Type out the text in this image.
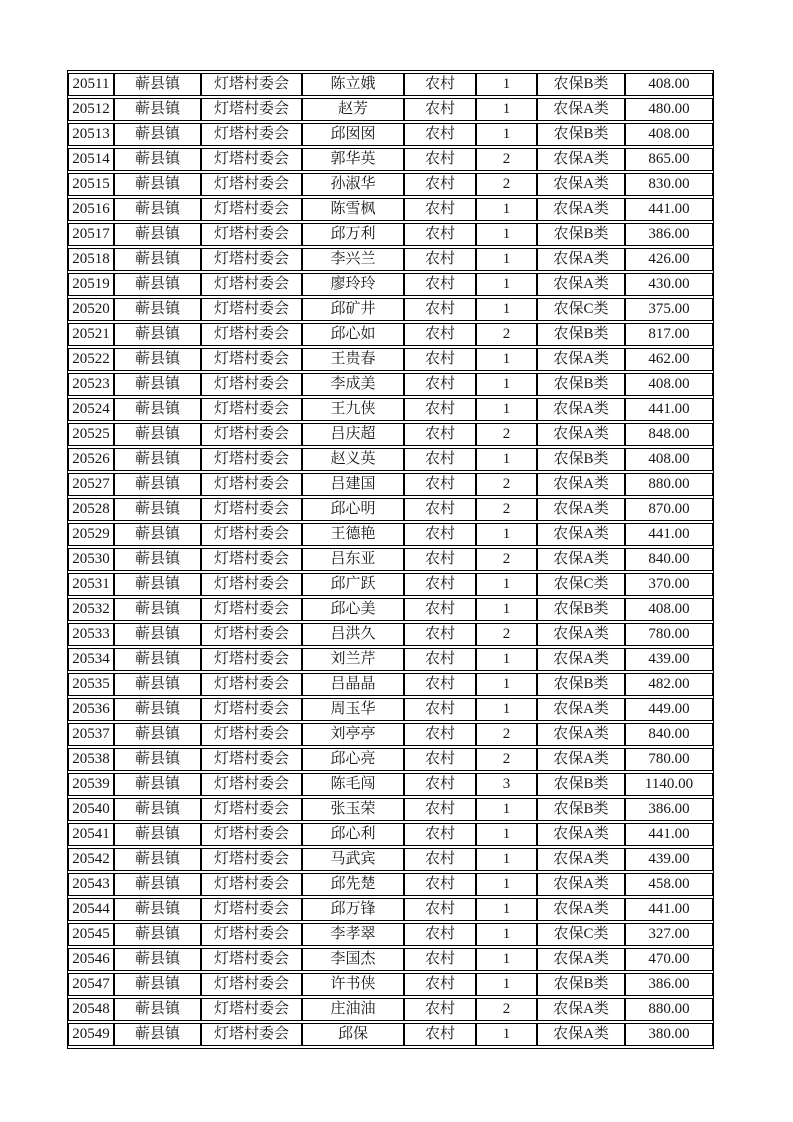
20511	蕲县镇	灯塔村委会	陈立娥	农村	1	农保B类	408.00
20512	蕲县镇	灯塔村委会	赵芳	农村	1	农保A类	480.00
20513	蕲县镇	灯塔村委会	邱囡囡	农村	1	农保B类	408.00
20514	蕲县镇	灯塔村委会	郭华英	农村	2	农保A类	865.00
20515	蕲县镇	灯塔村委会	孙淑华	农村	2	农保A类	830.00
20516	蕲县镇	灯塔村委会	陈雪枫	农村	1	农保A类	441.00
20517	蕲县镇	灯塔村委会	邱万利	农村	1	农保B类	386.00
20518	蕲县镇	灯塔村委会	李兴兰	农村	1	农保A类	426.00
20519	蕲县镇	灯塔村委会	廖玲玲	农村	1	农保A类	430.00
20520	蕲县镇	灯塔村委会	邱矿井	农村	1	农保C类	375.00
20521	蕲县镇	灯塔村委会	邱心如	农村	2	农保B类	817.00
20522	蕲县镇	灯塔村委会	王贵春	农村	1	农保A类	462.00
20523	蕲县镇	灯塔村委会	李成美	农村	1	农保B类	408.00
20524	蕲县镇	灯塔村委会	王九侠	农村	1	农保A类	441.00
20525	蕲县镇	灯塔村委会	吕庆超	农村	2	农保A类	848.00
20526	蕲县镇	灯塔村委会	赵义英	农村	1	农保B类	408.00
20527	蕲县镇	灯塔村委会	吕建国	农村	2	农保A类	880.00
20528	蕲县镇	灯塔村委会	邱心明	农村	2	农保A类	870.00
20529	蕲县镇	灯塔村委会	王德艳	农村	1	农保A类	441.00
20530	蕲县镇	灯塔村委会	吕东亚	农村	2	农保A类	840.00
20531	蕲县镇	灯塔村委会	邱广跃	农村	1	农保C类	370.00
20532	蕲县镇	灯塔村委会	邱心美	农村	1	农保B类	408.00
20533	蕲县镇	灯塔村委会	吕洪久	农村	2	农保A类	780.00
20534	蕲县镇	灯塔村委会	刘兰芹	农村	1	农保A类	439.00
20535	蕲县镇	灯塔村委会	吕晶晶	农村	1	农保B类	482.00
20536	蕲县镇	灯塔村委会	周玉华	农村	1	农保A类	449.00
20537	蕲县镇	灯塔村委会	刘亭亭	农村	2	农保A类	840.00
20538	蕲县镇	灯塔村委会	邱心亮	农村	2	农保A类	780.00
20539	蕲县镇	灯塔村委会	陈毛闯	农村	3	农保B类	1140.00
20540	蕲县镇	灯塔村委会	张玉荣	农村	1	农保B类	386.00
20541	蕲县镇	灯塔村委会	邱心利	农村	1	农保A类	441.00
20542	蕲县镇	灯塔村委会	马武宾	农村	1	农保A类	439.00
20543	蕲县镇	灯塔村委会	邱先楚	农村	1	农保A类	458.00
20544	蕲县镇	灯塔村委会	邱万锋	农村	1	农保A类	441.00
20545	蕲县镇	灯塔村委会	李孝翠	农村	1	农保C类	327.00
20546	蕲县镇	灯塔村委会	李国杰	农村	1	农保A类	470.00
20547	蕲县镇	灯塔村委会	许书侠	农村	1	农保B类	386.00
20548	蕲县镇	灯塔村委会	庄油油	农村	2	农保A类	880.00
20549	蕲县镇	灯塔村委会	邱保	农村	1	农保A类	380.00
